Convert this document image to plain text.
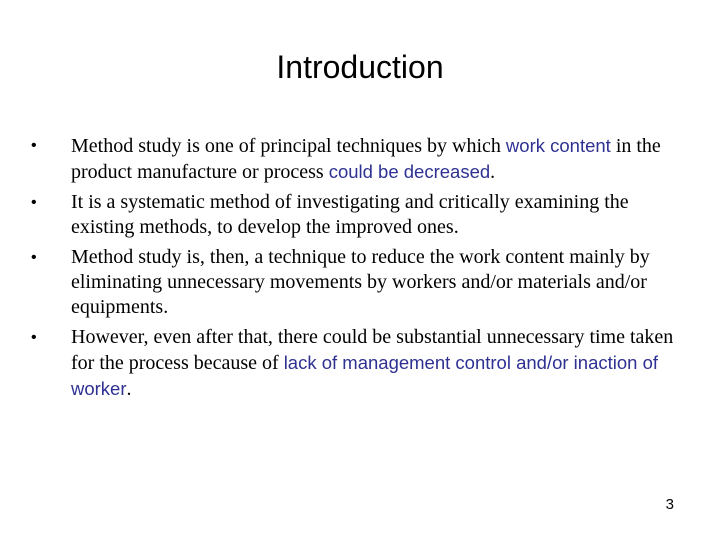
Introduction
• Method study is one of principal techniques by which work content in the product manufacture or process could be decreased.
• It is a systematic method of investigating and critically examining the existing methods, to develop the improved ones.
• Method study is, then, a technique to reduce the work content mainly by eliminating unnecessary movements by workers and/or materials and/or equipments.
• However, even after that, there could be substantial unnecessary time taken for the process because of lack of management control and/or inaction of worker.
3
